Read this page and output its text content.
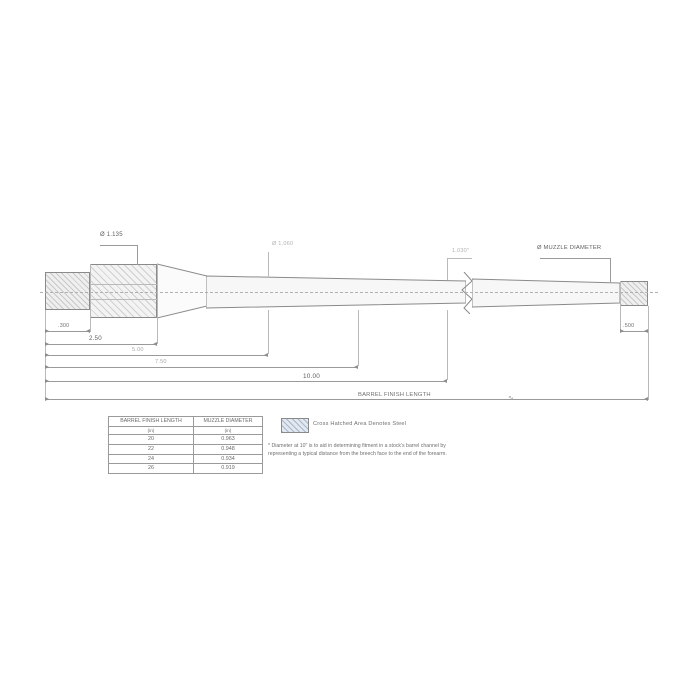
Ø 1.135
Ø 1.060
1.030"	Ø MUZZLE DIAMETER
.300
2.50
5.00
7.50
10.00
.500
BARREL FINISH LENGTH	∿
BARREL FINISH LENGTH	MUZZLE DIAMETER
(in)	(in)
20	0.963
22	0.948
24	0.934
26	0.919
Cross Hatched Area Denotes Steel
* Diameter at 10" is to aid in determining fitment in a stock's barrel channel by representing a typical distance from the breech face to the end of the forearm.
